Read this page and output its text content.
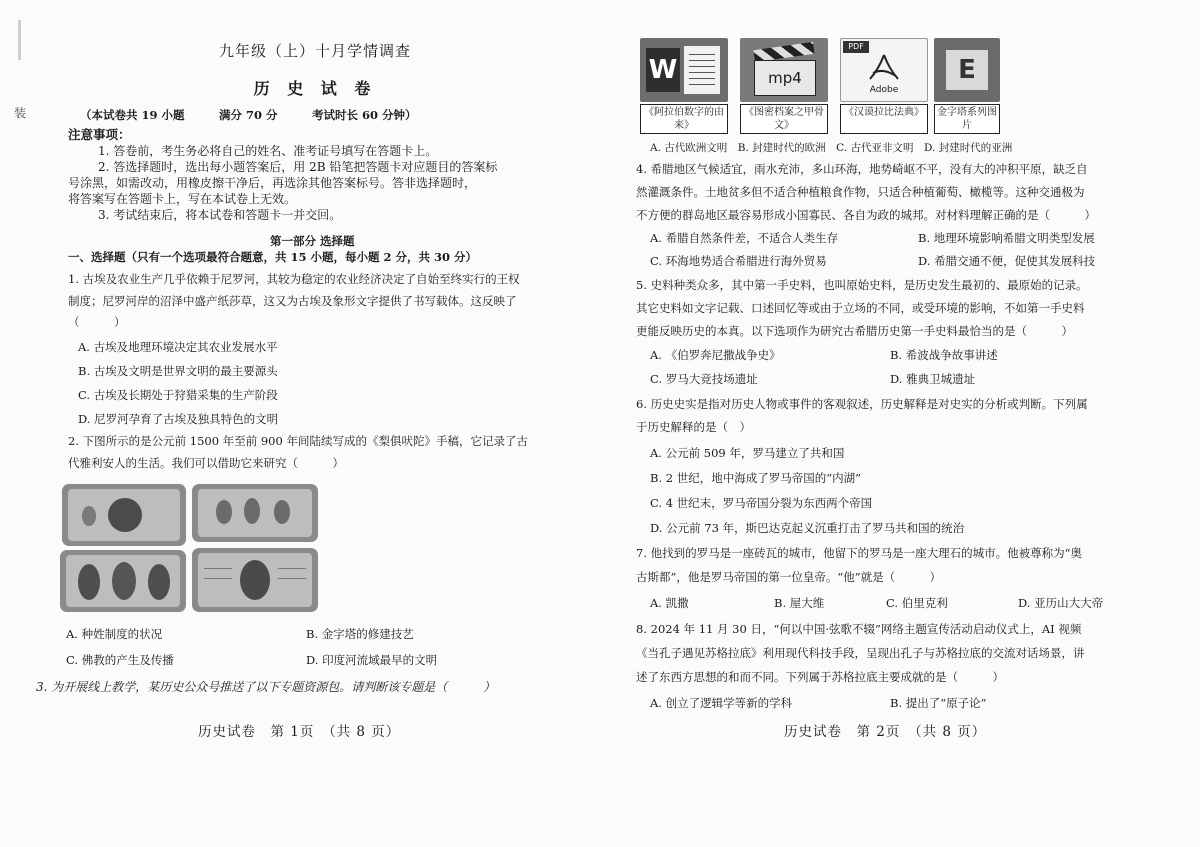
装
九年级（上）十月学情调查
历 史 试 卷
（本试卷共 19 小题　　　满分 70 分　　　考试时长 60 分钟）
注意事项：
1. 答卷前，考生务必将自己的姓名、准考证号填写在答题卡上。
2. 答选择题时，选出每小题答案后，用 2B 铅笔把答题卡对应题目的答案标
号涂黑，如需改动，用橡皮擦干净后，再选涂其他答案标号。答非选择题时，
将答案写在答题卡上，写在本试卷上无效。
3. 考试结束后，将本试卷和答题卡一并交回。
第一部分 选择题
一、选择题（只有一个选项最符合题意，共 15 小题，每小题 2 分，共 30 分）
1. 古埃及农业生产几乎依赖于尼罗河，其较为稳定的农业经济决定了自始至终实行的王权
制度；尼罗河岸的沼泽中盛产纸莎草，这又为古埃及象形文字提供了书写载体。这反映了
（　　　）
A. 古埃及地理环境决定其农业发展水平
B. 古埃及文明是世界文明的最主要源头
C. 古埃及长期处于狩猎采集的生产阶段
D. 尼罗河孕育了古埃及独具特色的文明
2. 下图所示的是公元前 1500 年至前 900 年间陆续写成的《梨俱吠陀》手稿，它记录了古
代雅利安人的生活。我们可以借助它来研究（　　　）
A. 种姓制度的状况	B. 金字塔的修建技艺
C. 佛教的产生及传播	D. 印度河流域最早的文明
3. 为开展线上教学，某历史公众号推送了以下专题资源包。请判断该专题是（　　　）
历史试卷　第 1页　（共 8 页）
W
《阿拉伯数字的由来》
mp4
《图密档案之甲骨文》
PDF
Adobe
《汉谟拉比法典》
E
金字塔系列图片
A. 古代欧洲文明　B. 封建时代的欧洲　C. 古代亚非文明　D. 封建时代的亚洲
4. 希腊地区气候适宜，雨水充沛，多山环海，地势崎岖不平，没有大的冲积平原，缺乏自
然灌溉条件。土地贫多但不适合种植粮食作物，只适合种植葡萄、橄榄等。这种交通极为
不方便的群岛地区最容易形成小国寡民、各自为政的城邦。对材料理解正确的是（　　　）
A. 希腊自然条件差，不适合人类生存	B. 地理环境影响希腊文明类型发展
C. 环海地势适合希腊进行海外贸易	D. 希腊交通不便，促使其发展科技
5. 史料种类众多，其中第一手史料，也叫原始史料，是历史发生最初的、最原始的记录。
其它史料如文字记载、口述回忆等或由于立场的不同，或受环境的影响，不如第一手史料
更能反映历史的本真。以下选项作为研究古希腊历史第一手史料最恰当的是（　　　）
A. 《伯罗奔尼撒战争史》	B. 希波战争故事讲述
C. 罗马大竞技场遗址	D. 雅典卫城遗址
6. 历史史实是指对历史人物或事件的客观叙述，历史解释是对史实的分析或判断。下列属
于历史解释的是（　）
A. 公元前 509 年，罗马建立了共和国
B. 2 世纪，地中海成了罗马帝国的“内湖”
C. 4 世纪末，罗马帝国分裂为东西两个帝国
D. 公元前 73 年，斯巴达克起义沉重打击了罗马共和国的统治
7. 他找到的罗马是一座砖瓦的城市，他留下的罗马是一座大理石的城市。他被尊称为“奥
古斯都”，他是罗马帝国的第一位皇帝。“他”就是（　　　）
A. 凯撒	B. 屋大维	C. 伯里克利	D. 亚历山大大帝
8. 2024 年 11 月 30 日，“何以中国·弦歌不辍”网络主题宣传活动启动仪式上，AI 视频
《当孔子遇见苏格拉底》利用现代科技手段，呈现出孔子与苏格拉底的交流对话场景，讲
述了东西方思想的和而不同。下列属于苏格拉底主要成就的是（　　　）
A. 创立了逻辑学等新的学科	B. 提出了“原子论”
历史试卷　第 2页　（共 8 页）
